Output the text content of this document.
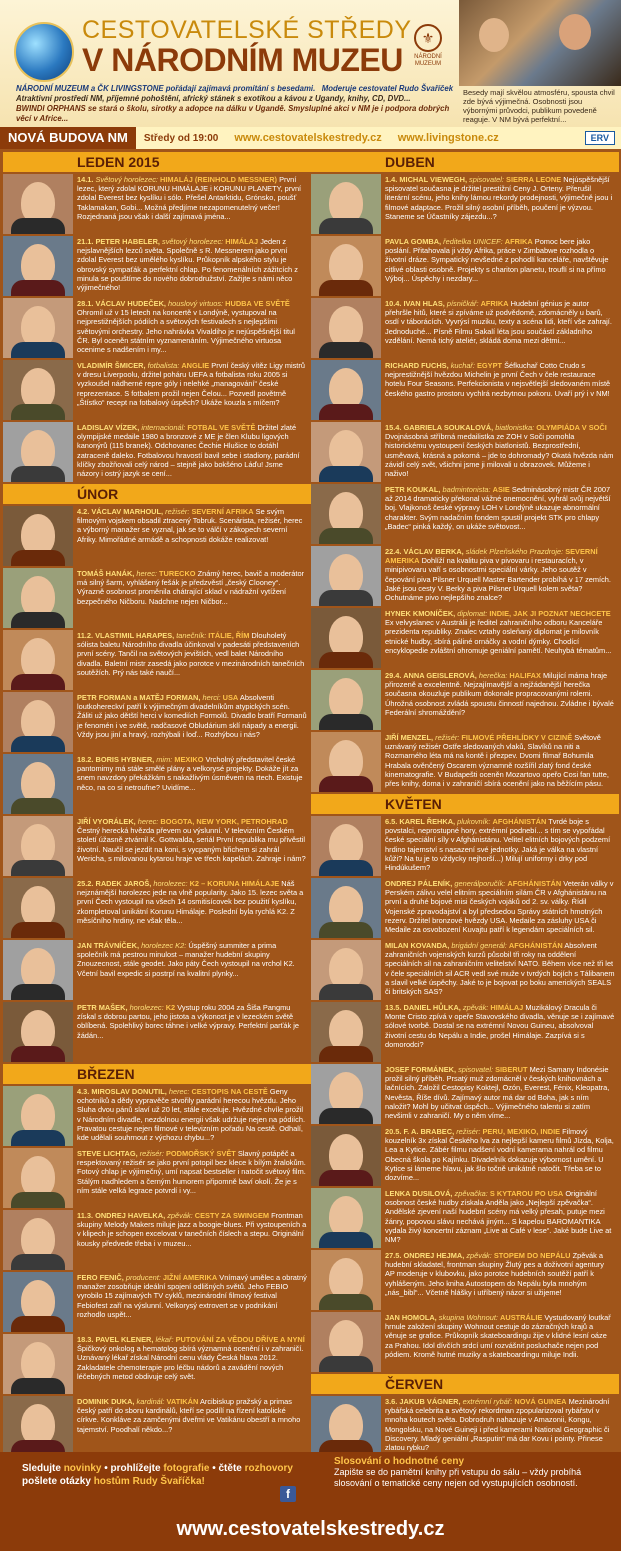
CESTOVATELSKÉ STŘEDY
V NÁRODNÍM MUZEU
⚜
NÁRODNÍ MUZEUM
Besedy mají skvělou atmosféru, spousta chvil zde bývá výjimečná. Osobnosti jsou výbornými průvodci, publikum povedeně reaguje. V NM bývá perfektní...
NÁRODNÍ MUZEUM a ČK LIVINGSTONE pořádají zajímavá promítání s besedami. Moderuje cestovatel Rudo Švaříček
Atraktivní prostředí NM, příjemné pohoštění, africký stánek s exotikou a kávou z Ugandy, knihy, CD, DVD...
BWINDI ORPHANS se stará o školu, sirotky a adopce na dálku v Ugandě. Smysluplné akci v NM je i podpora dobrých věcí v Africe...
NOVÁ BUDOVA NM	Středy od 19:00	www.cestovatelskestredy.cz	www.livingstone.cz	ERV
LEDEN 2015
14.1. Světový horolezec: HIMALÁJ (REINHOLD MESSNER) První lezec, který zdolal KORUNU HIMÁLAJE i KORUNU PLANETY, první zdolal Everest bez kyslíku i sólo. Přešel Antarktidu, Grónsko, poušť Taklamakan, Gobi... Možná předjíme nezapomenutelný večer! Rozjednaná jsou však i další zajímavá jména...
21.1. PETER HABELER, světový horolezec: HIMÁLAJ Jeden z nejslavnějších lezců světa. Společně s R. Messnerem jako první zdolal Everest bez umělého kyslíku. Průkopník alpského stylu je obrovský sympaťák a perfektní chlap. Po fenomenálních zážitcích z minula se pouštíme do nového dobrodružství. Zažijte s námi něco výjimečného!
28.1. VÁCLAV HUDEČEK, houslový virtuos: HUDBA VE SVĚTĚ Ohromil už v 15 letech na koncertě v Londýně, vystupoval na nejprestižnějších pódiích a světových festivalech s nejlepšími světovými orchestry. Jeho nahrávka Vivaldiho je nejúspěšnější titul ČR. Byl oceněn státním vyznamenáním. Výjimečného virtuosa ocenime s nadšením i my...
VLADIMÍR ŠMICER, fotbalista: ANGLIE První český vítěz Ligy mistrů v dresu Liverpoolu, držitel poháru UEFA a fotbalista roku 2005 si vyzkoušel nádherné repre góly i nelehké „managování“ české reprezentace. S fotbalem prožil nejen Čelou... Pozvedl povětrně „Štístko“ recept na fotbalový úspěch? Ukáže kouzla s míčem?
LADISLAV VÍZEK, internacionál: FOTBAL VE SVĚTĚ Držitel zlaté olympijské medaile 1980 a bronzové z ME je člen Klubu ligových kanonýrů (115 branek). Odchovanec Čechie Hlušice to dotáhl zatraceně daleko. Fotbalovou hravostí bavil sebe i stadiony, parádní klíčky zbožňovali celý národ – stejně jako bokšéno Láďu! Jsme názory i ostrý jazyk se cení...
ÚNOR
4.2. VÁCLAV MARHOUL, režisér: SEVERNÍ AFRIKA Se svým filmovým vojskem obsadil ztracený Tobruk. Scenárista, režisér, herec a výborný manažer se vyznal, jak se to válčí v zákopech severní Afriky. Mimořádné armádě a schopnosti dokáže realizovat!
TOMÁŠ HANÁK, herec: TURECKO Známý herec, bavič a moderátor má silný šarm, vyhlášený fešák je předzvěstí „český Clooney“. Výrazně osobnost proměnila chátrající sklad v nádražní vytížení bezpečného Ničboru. Nadchne nejen Ničbor...
11.2. VLASTIMIL HARAPES, tanečník: ITÁLIE, ŘÍM Dlouholetý sólista baletu Národního divadla účinkoval v padesáti představeních první scény. Tančil na světových jevištích, vedl balet Národního divadla. Baletní mistr zasedá jako porotce v mezinárodních tanečních soutěžích. Prý nás také naučí...
PETR FORMAN a MATĚJ FORMAN, herci: USA Absolventi loutkohereckví patří k výjimečným divadelníkům atypických scén. Žáliti už jako dětští herci v komediích Formolů. Divadlo bratří Formanů je fenomén i ve světě, nadčasové Obludárium sklí nápady a energii. Vždy jsou jiní a hravý, rozhýbali i loď... Rozhýbou i nás?
18.2. BORIS HYBNER, mim: MEXIKO Vrcholný představitel české pantomimy má stále smělé plány a velkorysé projekty. Dokáže jít za snem navzdory překážkám s nakažlivým úsměvem na rtech. Existuje něco, na co si netroufne? Uvidíme...
JIŘÍ VYORÁLEK, herec: BOGOTA, NEW YORK, PETROHRAD Čestný herecká hvězda převem ou výslunní. V televizním Českém století úžasně ztvárnil K. Gottwalda, seriál První republika mu přivěstil životní. Naučil se jezdit na koni, s vycpaným břichem si zahrál Wericha, s milovanou kytarou hraje ve třech kapelách. Zahraje i nám?
25.2. RADEK JAROŠ, horolezec: K2 – KORUNA HIMÁLAJE Náš nejznámější horolezec jede na vlně popularity. Jako 15. lezec světa a první Čech vystoupil na všech 14 osmitisícovek bez použití kyslíku, zkompletoval unikátní Korunu Himálaje. Poslední byla rychlá K2. Z měsíčního hrdiny, ne však těla...
JAN TRÁVNÍČEK, horolezec K2: Úspěšný summiter a prima společník má pestrou minulost – manažer hudební skupiny Znouzecnost, stále geodet. Jako páty Čech vystoupil na vrchol K2. Včetní bavil expedic si postrpí na kvalitní plynky...
PETR MAŠEK, horolezec: K2 Vystup roku 2004 za Šiša Pangmu získal s dobrou partou, jeho jistota a výkonost je v lezeckém světě oblíbená. Spolehlivý borec táhne i velké výpravy. Perfektní parťák je žádán...
BŘEZEN
4.3. MIROSLAV DONUTIL, herec: CESTOPIS NA CESTĚ Geny ochotníků a dědy vypravěče stvořily parádní herecou hvězdu. Jeho Sluha dvou pánů slaví už 20 let, stále exceluje. Hvězdné chvíle prožil v Národním divadle, nezdolnou energii však udržuje nejen na pódiích. Pravatou cestuje nejen filmové v televizním pořadu Na cestě. Odhalí, kde udělali souhrnout z výchozu chybu...?
STEVE LICHTAG, režisér: PODMOŘSKÝ SVĚT Slavný potápěč a respektovaný režisér se jako první potopil bez klece k bílým žralokům. Fotový chlap je výjimečný, umí napsat bestseller i natočit světový film. Stálým nadhledem a černým humorem připomně baví okolí. Že je s ním stále velká legrace potvrdí i vy...
11.3. ONDREJ HAVELKA, zpěvák: CESTY ZA SWINGEM Frontman skupiny Melody Makers miluje jazz a boogie-blues. Při vystoupeních a v klipech je schopen excelovat v tanečních číslech a stepu. Originální kousky předvede třeba i v muzeu...
FERO FENIČ, producent: JIŽNÍ AMERIKA Vnímavý umělec a obratný manažer zosobňuje ideální spojení odlišných světů. Jeho FEBIO vyrobilo 15 zajímavých TV cyklů, mezinárodní filmový festival Febiofest zaří na výslunní. Velkorysý extrovert se v podnikání rozhodlo uspět...
18.3. PAVEL KLENER, lékař: PUTOVÁNÍ ZA VĚDOU DŘÍVE A NYNÍ Špičkový onkolog a hematolog sbírá významná ocenění i v zahraničí. Uznávaný lékař získal Národní cenu vlády Česká hlava 2012. Zakladatele chemoterapie pro léčbu nádorů a zavádění nových léčebných metod obdivuje celý svět.
DOMINIK DUKA, kardinál: VATIKÁN Arcibiskup pražský a primas český patří do sboru kardinálů, kteří se podílí na řízení katolické církve. Konkláve za zamčenými dveřmi ve Vatikánu obestří a mnoho tajemství. Poodhalí někdo...?
DUBEN
1.4. MICHAL VIEWEGH, spisovatel: SIERRA LEONE Nejúspěšnější spisovatel současna je držitel prestižní Ceny J. Orteny. Přerušil literární scénu, jeho knihy lámou rekordy prodejnosti, výjimečně jsou i filmové adaptace. Prožil silný osobní příběh, poučení je výzvou. Staneme se Účastníky zájezdu...?
PAVLA GOMBA, ředitelka UNICEF: AFRIKA Pomoc bere jako poslání. Přitahovala ji vždy Afrika, práce v Zimbabwe rozhodla o životní dráze. Sympatický nevšedné z pohodlí kanceláře, navštěvuje citlivé oblasti osobně. Projekty s chariton planetu, trouflí si na přímo Výboj... Úspěchy i nezdary...
10.4. IVAN HLAS, písničkář: AFRIKA Hudební génius je autor přehršle hitů, které si zpíváme už podvědomě, zdomácněly u barů, osdí v táborácích. Vyvrýsí muziku, texty a scéna lidi, kteří vše zahrají. Jednoduché... Písně Filmu Sakalí léta jsou součástí základního vzdělání. Nemá tichý ateliér, skládá doma mezi dětmi...
RICHARD FUCHS, kuchař: EGYPT Šéfkuchař Cotto Crudo s nejprestižnější hvězdou Michelin je první Čech v čele restaurace hotelu Four Seasons. Perfekcionista v nejsvětlejší sledovaném místě českého gastro prostoru vychlrá nezbytnou pokoru. Uvaří prý i v NM!
15.4. GABRIELA SOUKALOVÁ, biatlonistka: OLYMPIÁDA V SOČI Dvojnásobná stříbrná medailistka ze ZOH v Soči pomohla historickému vystoupení českých biatlonistů. Bezprostřední, usměvavá, krásná a pokorná – jde to dohromady? Okatá hvězda nám závidí celý svět, všichni jsme ji milovali u obrazovek. Můžeme i naživo!
PETR KOUKAL, badmintonista: ASIE Sedminásobný mistr ČR 2007 až 2014 dramaticky překonal vážné onemocnění, vyhrál svůj největší boj. Vlajkonoš české výpravy LOH v Londýně ukazuje abnormální charakter. Svým nadačním fondem spustil projekt STK pro chlapy „Badec“ pinká každý, on ukáže světovost...
22.4. VÁCLAV BERKA, sládek Plzeňského Prazdroje: SEVERNÍ AMERIKA Dohlíží na kvalitu piva v pivovaru i restauracích, v minipivovaru vaří s osobnostmi speciální várky. Jeho soutěž v čepování piva Pilsner Urquell Master Bartender probíhá v 17 zemích. Jaké jsou cesty V. Berky a piva Pilsner Urquell kolem světa? Ochutnáme pivo nejlepšího znalce?
HYNEK KMONÍČEK, diplomat: INDIE, JAK JI POZNAT NECHCETE Ex velvyslanec v Austrálii je ředitel zahraničního odboru Kanceláře prezidenta republiky. Znalec vztahy osleňaný diplomat je milovník etnické hudby, sbírá páliné ornáčky a vodní dýmky. Chodící encyklopedie zvláštní ohromuje geniální pamětí. Neuhybá tématům...
29.4. ANNA GEISLEROVÁ, herečka: HALIFAX Milující máma hraje přirozeně a excelentně. Nejzajímavější a nejžádanější herečka současna okouzluje publikum dokonale propracovanými rolemi. Úhrožná osobnost zvládá spoustu činností najednou. Zvládne i bývalé Federální shromáždění?
JIŘÍ MENZEL, režisér: FILMOVÉ PŘEHLÍDKY V CIZINĚ Světově uznávaný režisér Ostře sledovaných vlaků, Slavíků na niti a Rozmarného léta má na kontě i přezpev. Dvomi filmař Bohumila Hrabala ověnčený Oscarem významně rozšířil zlatý fond české kinematografie. V Budapešti oceněn Mozartovo opeřo Cosi fan tutte, přes knihy, doma i v zahraničí sbírá ocenění jako na běžícím pásu.
KVĚTEN
6.5. KAREL ŘEHKA, plukovník: AFGHÁNISTÁN Tvrdé boje s povstalci, neprostupné hory, extrémní podnebí... s tím se vypořádal české speciální síly v Afghánistánu. Velitel elitních bojových podzemí hrdino tajemství s nasazení své jednotky. Jaká je válka na vlastní kůži? Na tu je to vždycky nejhorší...) Milují uniformy i drky pod Hindúkušem?
ONDREJ PÁLENÍK, generálporučík: AFGHÁNISTÁN Veterán války v Perském zálivu velel elitním speciálním silám ČR v Afghánistánu na první a druhé bojové misi českých vojáků od 2. sv. války. Řídil Vojenské zpravodajství a byl předsedou Správy státních hmotných rezerv. Držitel bronzové hvězdy USA. Medaile za zásluhy USA či Medaile za osvobození Kuvajtu patří k legendám speciálních sil.
MILAN KOVANDA, brigádní generál: AFGHÁNISTÁN Absolvent zahraničních vojenských kurzů působil tři roky na oddělení speciálních sil na zahraničním velitelství NATO. Během více než tři let v čele speciálních sil ACR vedl své muže v tvrdých bojích s Tálibanem a slavil velké úspěchy. Jaké to je bojovat po boku amerických SEALS či britských SAS?
13.5. DANIEL HŮLKA, zpěvák: HIMÁLAJ Muzikálový Dracula či Monte Cristo zpívá v opeře Stavovského divadla, věnuje se i zajímavé sólové tvorbě. Dostal se na extrémní Novou Guineu, absolvoval životní cestu do Nepálu a Indie, prošel Himálaje. Zazpívá si s domorodci?
JOSEF FORMÁNEK, spisovatel: SIBERUT Mezi Samany Indonésie prožil silný příběh. Prsatý muž zdomácněl v českých knihovnách a lačnících. Založil Cestopisy Koktejl, Ozón, Everest, Fénix, Kleopatra, Nevěsta, Říše dívů. Zajímavý autor má dar od Boha, jak s ním naložit? Mohl by učitvat úspěch... Výjimečného talentu si zatím nevšimli v zahraničí. My o něm víme...
20.5. F. A. BRABEC, režisér: PERU, MEXIKO, INDIE Filmový kouzelník 3x získal Českého lva za nejlepší kameru filmů Jízda, Kolja, Lea a Kytice. Zábér filmu nadšení vodní kamerama nahrál od filmu Obecná škola po Kajínku. Divadelník dokazuje výbornost umění. U Kytice si lámeme hlavu, jak šlo točně unikátně natočit. Třeba se to dozvíme...
LENKA DUSILOVÁ, zpěvačka: S KYTAROU PO USA Originální osobnost české hudby získala Anděla jako „Nejlepší zpěvačka“. Andělské zjevení naší hudební scény má velký přesah, putuje mezi žánry, popovou slávu nechává jiným... S kapelou BAROMANTIKA vydala živý koncertní záznam „Live at Café v lese“. Jaké bude Live at NM?
27.5. ONDREJ HEJMA, zpěvák: STOPEM DO NEPÁLU Zpěvák a hudební skladatel, frontman skupiny Žlutý pes a doživotní agentury AP moderuje v klubovku, jako porotce hudebních soutěží patří k vyhlášeným. Jeho kniha Autostopem do Nepálu byla mnohým „nás_bibl“... Včetně hlášky i utříbený názor si užijeme!
JAN HOMOLA, skupina Wohnout: AUSTRÁLIE Vystudovaný loutkař hrnule založení skupiny Wohnout cestuje do zázračných krajů a věnuje se grafice. Průkopník skateboardingu žije v klidné lesní oáze za Prahou. Idol dívčích srdcí umí rozvášnit posluchače nejen pod pódiem. Kromě hutné muziky a skateboardingu miluje Indii.
ČERVEN
3.6. JAKUB VÁGNER, extrémní rybář: NOVÁ GUINEA Mezinárodní rybářská celebrita a světový rekordman zpopularizoval rybářství v mnoha koutech světa. Dobrodruh nahazuje v Amazonii, Kongu, Mongolsku, na Nové Guineji i před kamerami National Geographic či Discovery. Mladý geniální „Rasputin“ má dar Kovu i pointy. Přinese zlatou rybku?
Sledujte novinky • prohlížejte fotografie • čtěte rozhovory
pošlete otázky hostům Rudy Švaříčka!
f
Slosování o hodnotné ceny
Zapište se do pamětní knihy při vstupu do sálu – vždy probíhá slosování o tematické ceny nejen od vystupujících osobností.
www.cestovatelskestredy.cz
